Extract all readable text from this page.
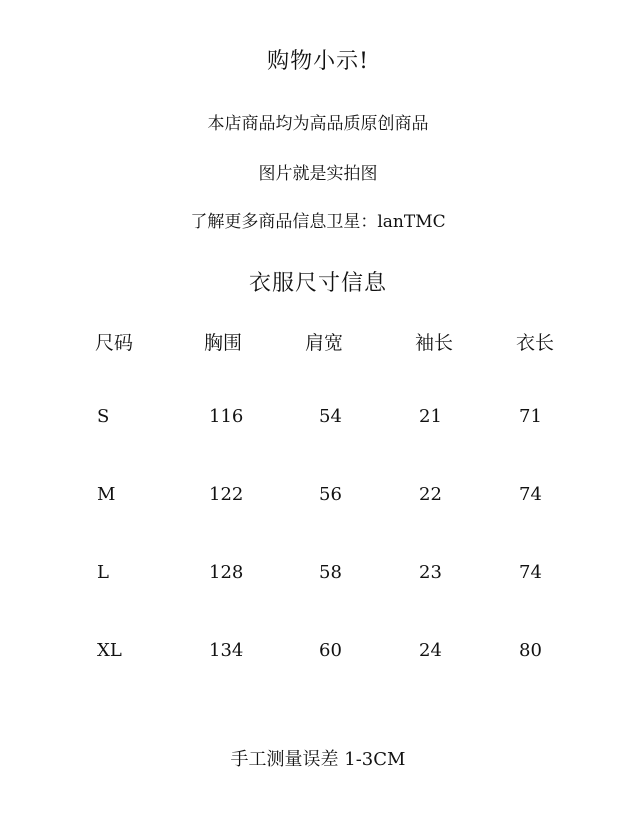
购物小示!
本店商品均为高品质原创商品
图片就是实拍图
了解更多商品信息卫星：lanTMC
衣服尺寸信息
尺码	胸围	肩宽	袖长	衣长
S	116	54	21	71
M	122	56	22	74
L	128	58	23	74
XL	134	60	24	80
手工测量误差 1-3CM
